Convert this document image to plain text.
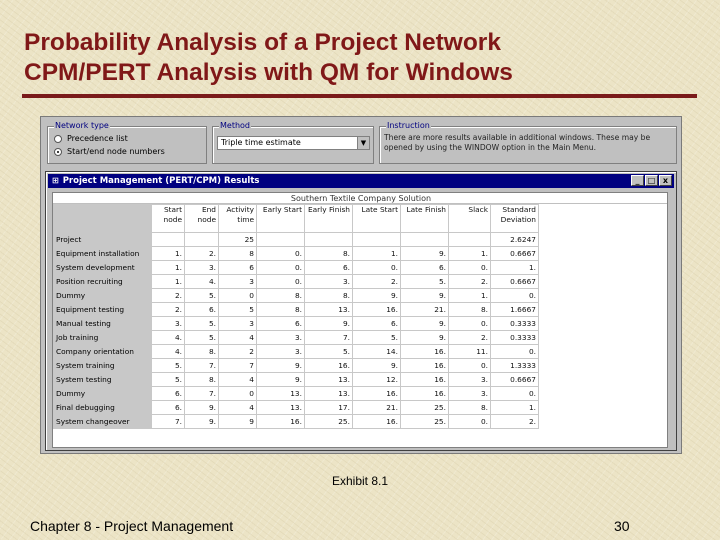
Probability Analysis of a Project Network
CPM/PERT Analysis with QM for Windows
Network type
Precedence list
Start/end node numbers
Method
Triple time estimate	▼
Instruction
There are more results available in additional windows. These may be opened by using the WINDOW option in the Main Menu.
⊞ Project Management (PERT/CPM) Results	_	□ x
Southern Textile Company Solution
	Start node	End node	Activity time	Early Start	Early Finish	Late Start	Late Finish	Slack	Standard Deviation
Project			25						2.6247
Equipment installation	1.	2.	8	0.	8.	1.	9.	1.	0.6667
System development	1.	3.	6	0.	6.	0.	6.	0.	1.
Position recruiting	1.	4.	3	0.	3.	2.	5.	2.	0.6667
Dummy	2.	5.	0	8.	8.	9.	9.	1.	0.
Equipment testing	2.	6.	5	8.	13.	16.	21.	8.	1.6667
Manual testing	3.	5.	3	6.	9.	6.	9.	0.	0.3333
Job training	4.	5.	4	3.	7.	5.	9.	2.	0.3333
Company orientation	4.	8.	2	3.	5.	14.	16.	11.	0.
System training	5.	7.	7	9.	16.	9.	16.	0.	1.3333
System testing	5.	8.	4	9.	13.	12.	16.	3.	0.6667
Dummy	6.	7.	0	13.	13.	16.	16.	3.	0.
Final debugging	6.	9.	4	13.	17.	21.	25.	8.	1.
System changeover	7.	9.	9	16.	25.	16.	25.	0.	2.
Exhibit 8.1
Chapter 8 - Project Management	30
